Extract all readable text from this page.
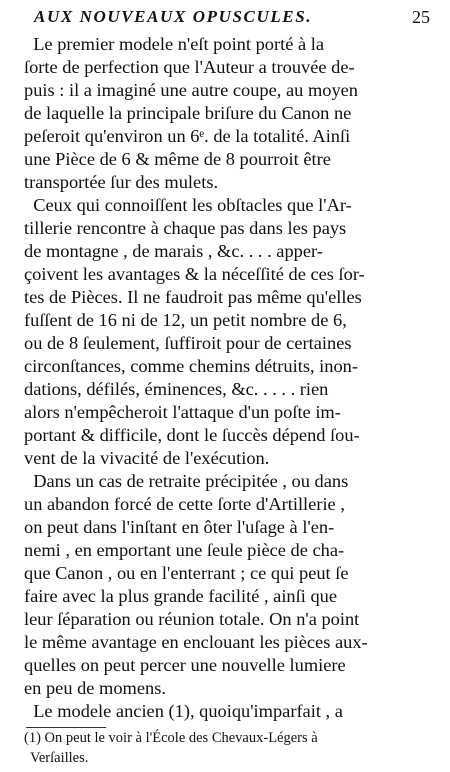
AUX NOUVEAUX OPUSCULES.	25
Le premier modele n'eſt point porté à la
ſorte de perfection que l'Auteur a trouvée de-
puis : il a imaginé une autre coupe, au moyen
de laquelle la principale briſure du Canon ne
peſeroit qu'environ un 6ᵉ. de la totalité. Ainſi
une Pièce de 6 & même de 8 pourroit être
transportée ſur des mulets.
Ceux qui connoiſſent les obſtacles que l'Ar-
tillerie rencontre à chaque pas dans les pays
de montagne , de marais , &c. . . . apper-
çoivent les avantages & la néceſſité de ces ſor-
tes de Pièces. Il ne faudroit pas même qu'elles
fuſſent de 16 ni de 12, un petit nombre de 6,
ou de 8 ſeulement, ſuffiroit pour de certaines
circonſtances, comme chemins détruits, inon-
dations, défilés, éminences, &c. . . . . rien
alors n'empêcheroit l'attaque d'un poſte im-
portant & difficile, dont le ſuccès dépend ſou-
vent de la vivacité de l'exécution.
Dans un cas de retraite précipitée , ou dans
un abandon forcé de cette ſorte d'Artillerie ,
on peut dans l'inſtant en ôter l'uſage à l'en-
nemi , en emportant une ſeule pièce de cha-
que Canon , ou en l'enterrant ; ce qui peut ſe
faire avec la plus grande facilité , ainſi que
leur ſéparation ou réunion totale. On n'a point
le même avantage en enclouant les pièces aux-
quelles on peut percer une nouvelle lumiere
en peu de momens.
Le modele ancien (1), quoiqu'imparfait , a
(1) On peut le voir à l'École des Chevaux-Légers à
Verſailles.
